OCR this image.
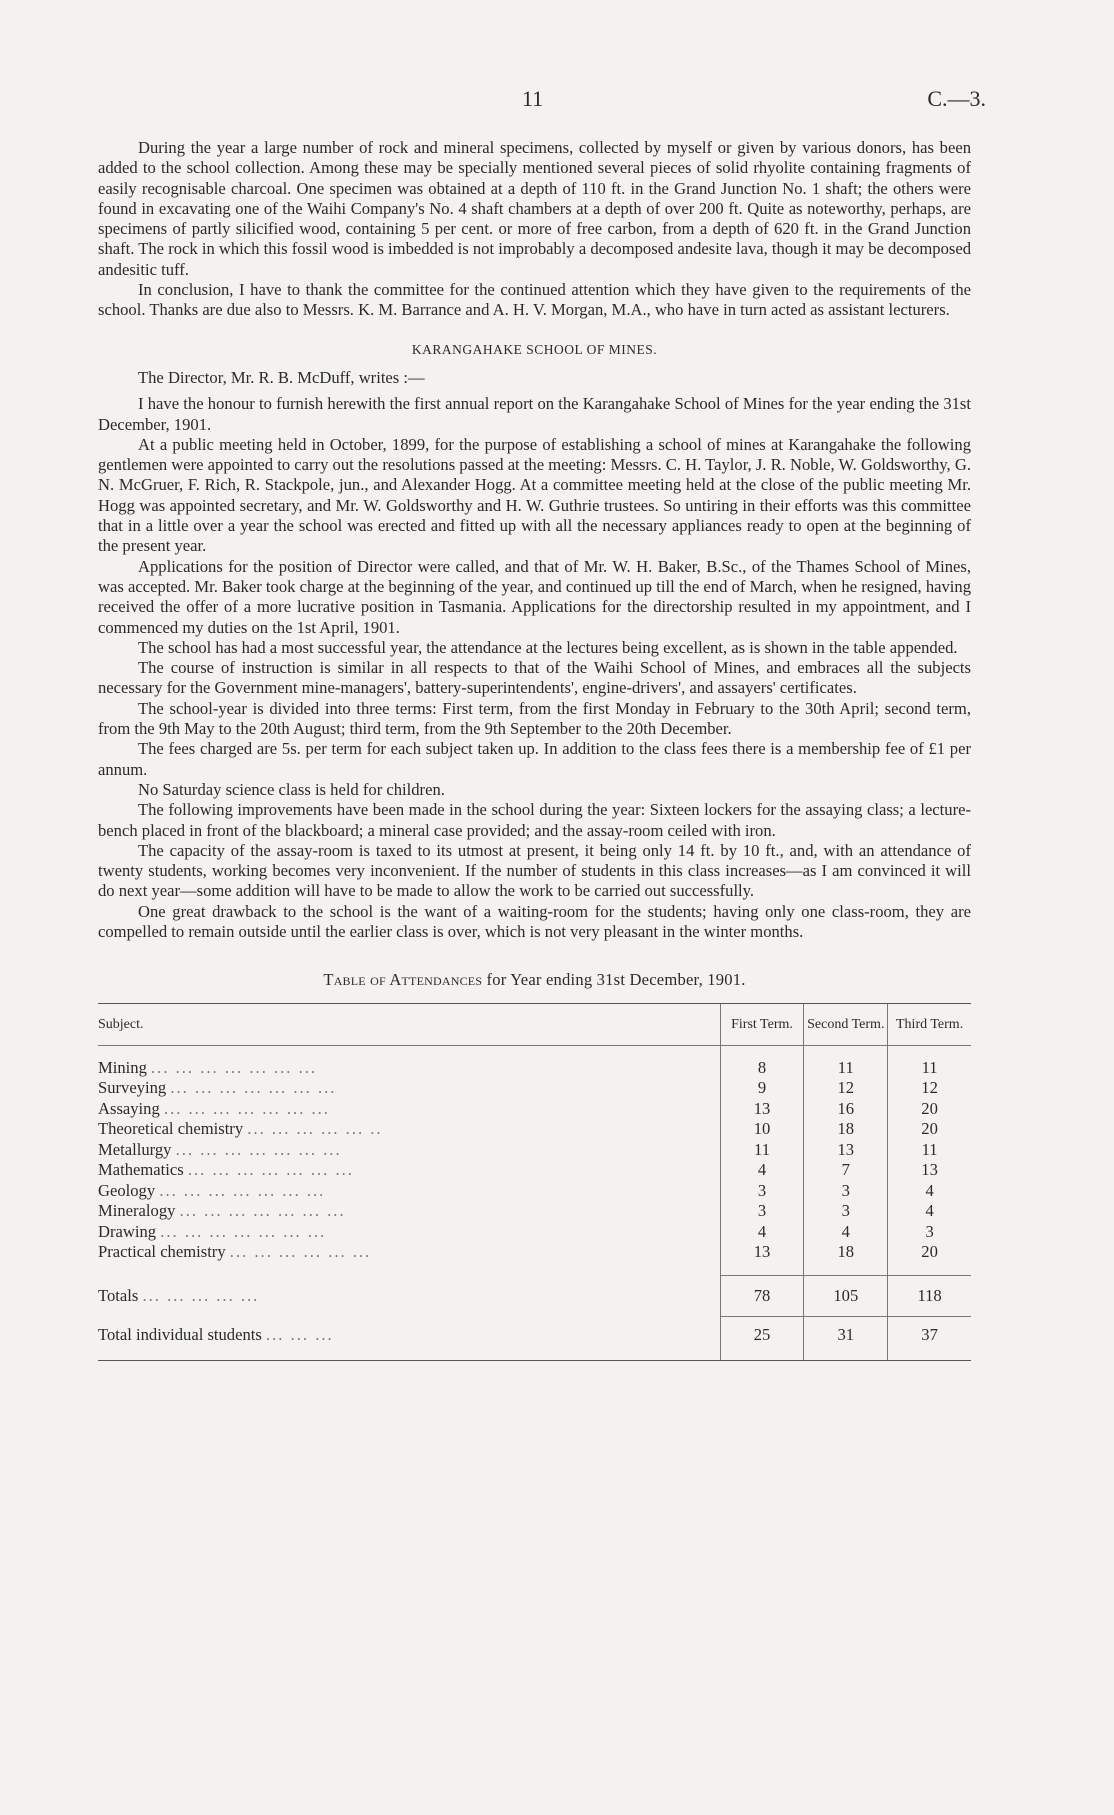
11	C.—3.

During the year a large number of rock and mineral specimens, collected by myself or given by various donors, has been added to the school collection. Among these may be specially mentioned several pieces of solid rhyolite containing fragments of easily recognisable charcoal. One specimen was obtained at a depth of 110 ft. in the Grand Junction No. 1 shaft; the others were found in excavating one of the Waihi Company's No. 4 shaft chambers at a depth of over 200 ft. Quite as noteworthy, perhaps, are specimens of partly silicified wood, containing 5 per cent. or more of free carbon, from a depth of 620 ft. in the Grand Junction shaft. The rock in which this fossil wood is imbedded is not improbably a decomposed andesite lava, though it may be decomposed andesitic tuff.

In conclusion, I have to thank the committee for the continued attention which they have given to the requirements of the school. Thanks are due also to Messrs. K. M. Barrance and A. H. V. Morgan, M.A., who have in turn acted as assistant lecturers.

KARANGAHAKE SCHOOL OF MINES.

The Director, Mr. R. B. McDuff, writes :—

I have the honour to furnish herewith the first annual report on the Karangahake School of Mines for the year ending the 31st December, 1901.

At a public meeting held in October, 1899, for the purpose of establishing a school of mines at Karangahake the following gentlemen were appointed to carry out the resolutions passed at the meeting: Messrs. C. H. Taylor, J. R. Noble, W. Goldsworthy, G. N. McGruer, F. Rich, R. Stackpole, jun., and Alexander Hogg. At a committee meeting held at the close of the public meeting Mr. Hogg was appointed secretary, and Mr. W. Goldsworthy and H. W. Guthrie trustees. So untiring in their efforts was this committee that in a little over a year the school was erected and fitted up with all the necessary appliances ready to open at the beginning of the present year.

Applications for the position of Director were called, and that of Mr. W. H. Baker, B.Sc., of the Thames School of Mines, was accepted. Mr. Baker took charge at the beginning of the year, and continued up till the end of March, when he resigned, having received the offer of a more lucrative position in Tasmania. Applications for the directorship resulted in my appointment, and I commenced my duties on the 1st April, 1901.

The school has had a most successful year, the attendance at the lectures being excellent, as is shown in the table appended.

The course of instruction is similar in all respects to that of the Waihi School of Mines, and embraces all the subjects necessary for the Government mine-managers', battery-superintendents', engine-drivers', and assayers' certificates.

The school-year is divided into three terms: First term, from the first Monday in February to the 30th April; second term, from the 9th May to the 20th August; third term, from the 9th September to the 20th December.

The fees charged are 5s. per term for each subject taken up. In addition to the class fees there is a membership fee of £1 per annum.

No Saturday science class is held for children.

The following improvements have been made in the school during the year: Sixteen lockers for the assaying class; a lecture-bench placed in front of the blackboard; a mineral case provided; and the assay-room ceiled with iron.

The capacity of the assay-room is taxed to its utmost at present, it being only 14 ft. by 10 ft., and, with an attendance of twenty students, working becomes very inconvenient. If the number of students in this class increases—as I am convinced it will do next year—some addition will have to be made to allow the work to be carried out successfully.

One great drawback to the school is the want of a waiting-room for the students; having only one class-room, they are compelled to remain outside until the earlier class is over, which is not very pleasant in the winter months.

Table of Attendances for Year ending 31st December, 1901.

Subject.	First Term.	Second Term.	Third Term.

Mining ... ... ... ... ... ... ...	8	11	11
Surveying ... ... ... ... ... ... ...	9	12	12
Assaying ... ... ... ... ... ... ...	13	16	20
Theoretical chemistry ... ... ... ... ... ..	10	18	20
Metallurgy ... ... ... ... ... ... ...	11	13	11
Mathematics ... ... ... ... ... ... ...	4	7	13
Geology ... ... ... ... ... ... ...	3	3	4
Mineralogy ... ... ... ... ... ... ...	3	3	4
Drawing ... ... ... ... ... ... ...	4	4	3
Practical chemistry ... ... ... ... ... ...	13	18	20

Totals ... ... ... ... ...	78	105	118
Total individual students ... ... ...	25	31	37
